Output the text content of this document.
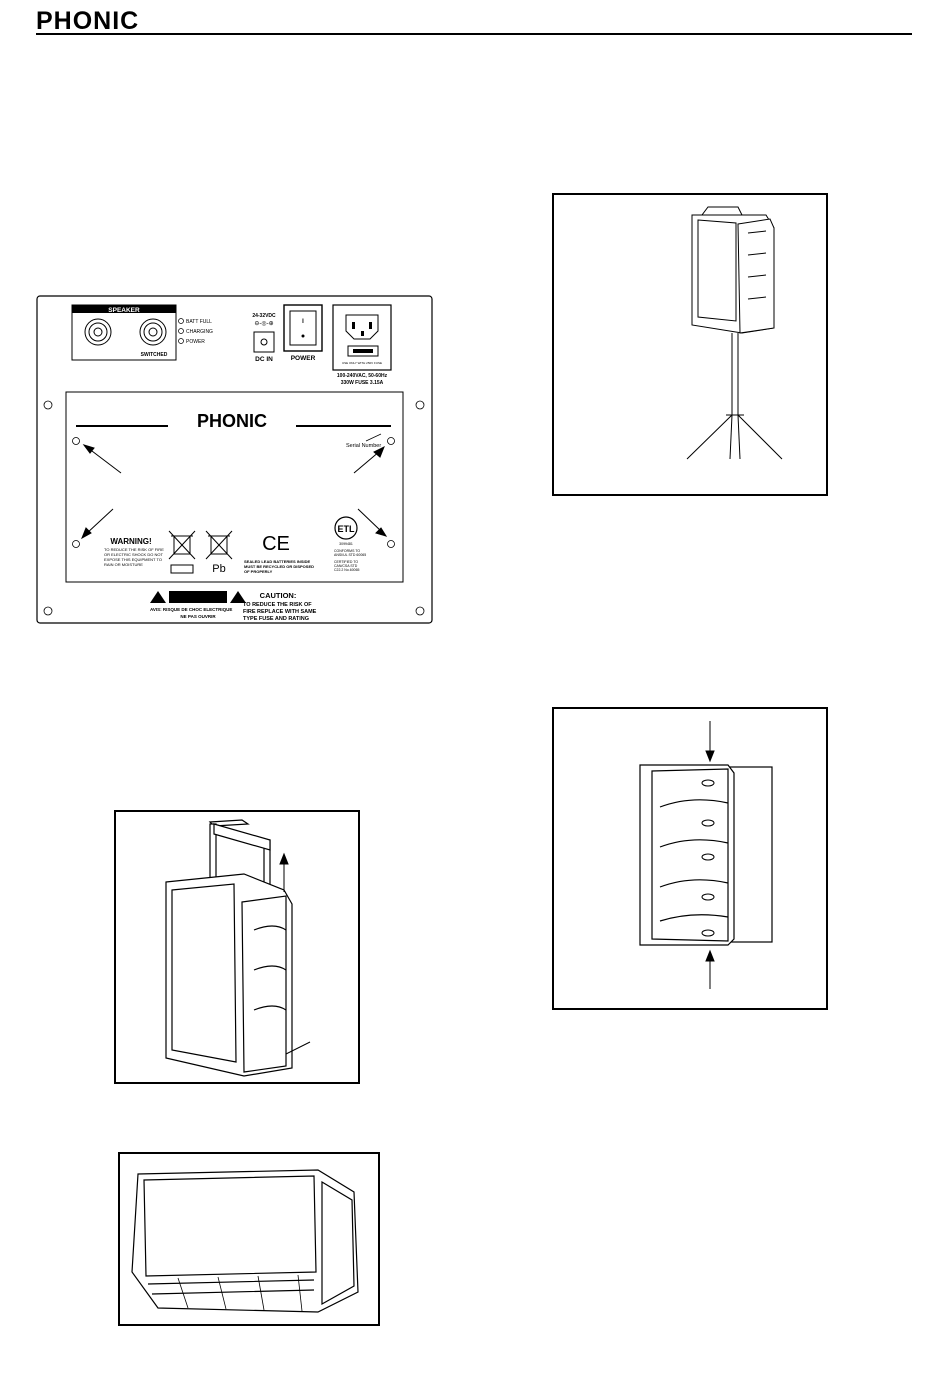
PHONIC
SPEAKER
SWITCHED
BATT FULL
CHARGING
POWER
24-32VDC
⊖-◎-⊕
DC IN
I
POWER
USE ONLY WITH 250V FUSE
100-240VAC, 50-60Hz
330W FUSE 3.15A
PHONIC
Serial Number
WARNING!
TO REDUCE THE RISK OF FIRE
OR ELECTRIC SHOCK DO NOT
EXPOSE THIS EQUIPMENT TO
RAIN OR MOISTURE	Pb
CE
SEALED LEAD BATTERIES INSIDE
MUST BE RECYCLED OR DISPOSED
OF PROPERLY
ETL
3099481
CONFORMS TO
ANSI/UL STD 60065
CERTIFIED TO
CAN/CSA STD
C22.2 No.60065
AVIS: RISQUE DE CHOC ELECTRIQUE
NE PAS OUVRIR
CAUTION:
TO REDUCE THE RISK OF
FIRE REPLACE WITH SAME
TYPE FUSE AND RATING
